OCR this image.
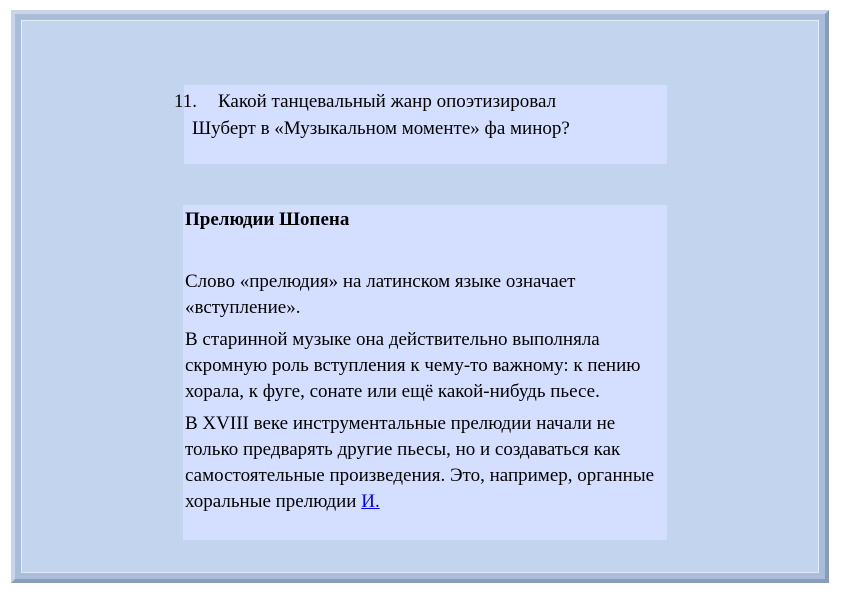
11. Какой танцевальный жанр опоэтизировал
Шуберт в «Музыкальном моменте» фа минор?

Прелюдии Шопена

Слово «прелюдия» на латинском языке означает «вступление».

В старинной музыке она действительно выполняла скромную роль вступления к чему-то важному: к пению хорала, к фуге, сонате или ещё какой-нибудь пьесе.

В XVIII веке инструментальные прелюдии начали не только предварять другие пьесы, но и создаваться как самостоятельные произведения. Это, например, органные хоральные прелюдии И.
